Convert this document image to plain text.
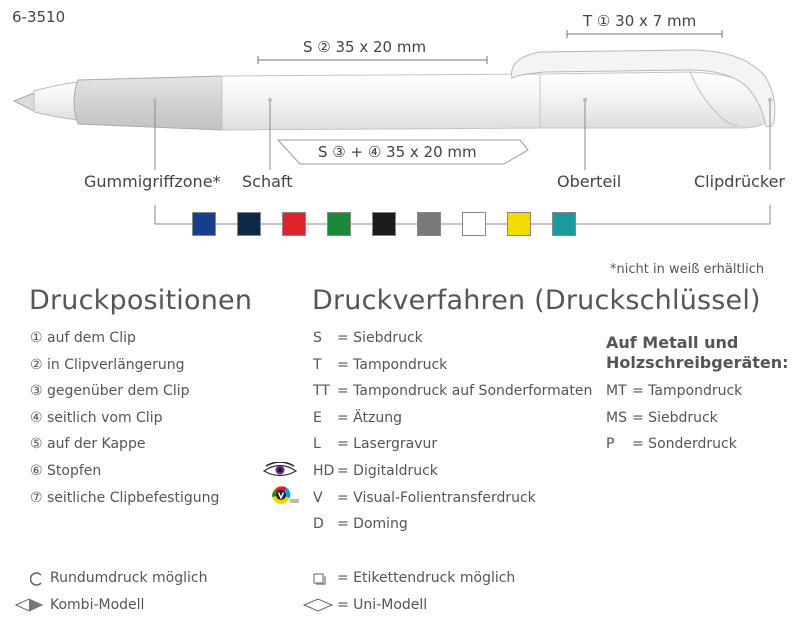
6-3510	T ① 30 x 7 mm
S ② 35 x 20 mm
S ③ + ④ 35 x 20 mm
Gummigriffzone* Schaft	Oberteil	Clipdrücker
*nicht in weiß erhältlich
Druckpositionen
① auf dem Clip
② in Clipverlängerung
③ gegenüber dem Clip
④ seitlich vom Clip
⑤ auf der Kappe
⑥ Stopfen
⑦ seitliche Clipbefestigung
Druckverfahren (Druckschlüssel)
S = Siebdruck
T = Tampondruck
TT = Tampondruck auf Sonderformaten
E = Ätzung
L = Lasergravur
HD = Digitaldruck
V = Visual-Folientransferdruck
D = Doming
Auf Metall und
Holzschreibgeräten:
MT = Tampondruck
MS = Siebdruck
P = Sonderdruck
Rundumdruck möglich
Kombi-Modell
= Etikettendruck möglich
= Uni-Modell
